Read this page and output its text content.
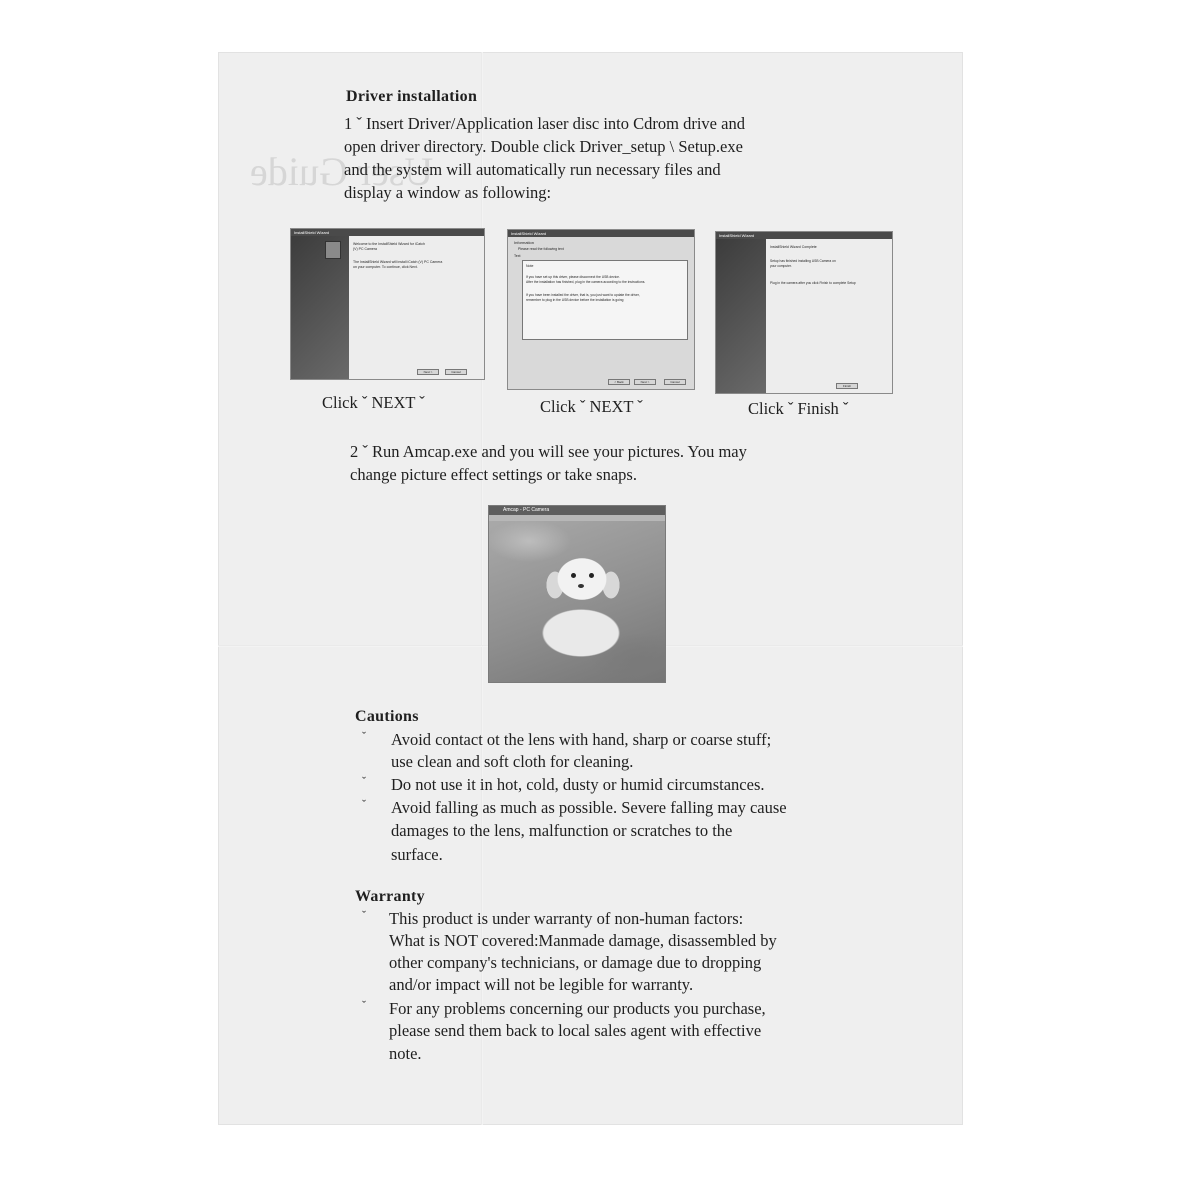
User Guide
Driver installation
1 ˇ Insert Driver/Application laser disc into Cdrom drive and
open driver directory. Double click Driver_setup \ Setup.exe
and the system will automatically run necessary files and
display a window as following:
InstallShield Wizard
Welcome to the InstallShield Wizard for iCatch
(V) PC Camera
The InstallShield Wizard will install iCatch (V) PC Camera
on your computer. To continue, click Next.
Next >	Cancel
InstallShield Wizard
Information
Please read the following text
Text
Note
If you have set up this driver, please disconnect the USB device.
After the installation has finished, plug in the camera according to the instructions.
If you have been installed the driver, that is, you just want to update the driver,
remember to plug in the USB device before the installation is going
< Back	Next >	Cancel
InstallShield Wizard
InstallShield Wizard Complete
Setup has finished installing USB Camera on
your computer.
Plug in the camera after you click Finish to complete Setup
Finish
Click ˇ NEXT ˇ	Click ˇ NEXT ˇ	Click ˇ Finish ˇ
2 ˇ Run Amcap.exe and you will see your pictures. You may
change picture effect settings or take snaps.
Amcap - PC Camera
Cautions
ˇ Avoid contact ot the lens with hand, sharp or coarse stuff;
use clean and soft cloth for cleaning.
ˇ Do not use it in hot, cold, dusty or humid circumstances.
ˇ Avoid falling as much as possible. Severe falling may cause
damages to the lens, malfunction or scratches to the
surface.
Warranty
ˇ This product is under warranty of non-human factors:
What is NOT covered:Manmade damage, disassembled by
other company's technicians, or damage due to dropping
and/or impact will not be legible for warranty.
ˇ For any problems concerning our products you purchase,
please send them back to local sales agent with effective
note.
